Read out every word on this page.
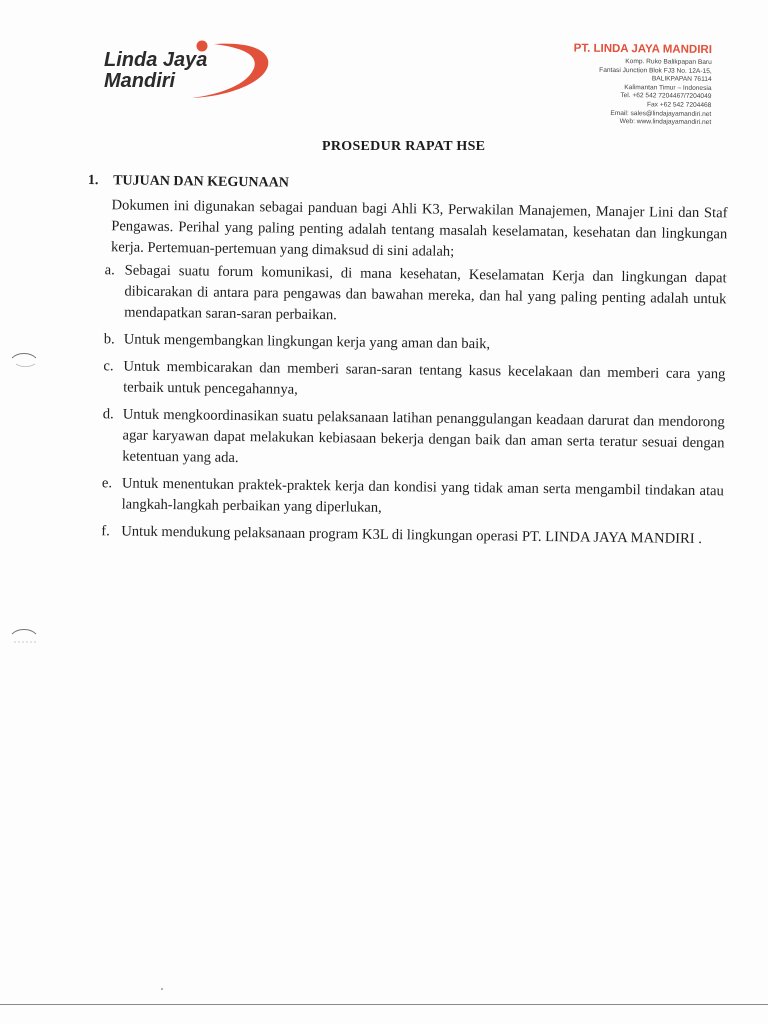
Linda Jaya
Mandiri
PT. LINDA JAYA MANDIRI
Komp. Ruko Balikpapan Baru
Fantasi Junction Blok FJ3 No. 12A-15,
BALIKPAPAN 76114
Kalimantan Timur – Indonesia
Tel. +62 542 7204467/7204049
Fax +62 542 7204468
Email: sales@lindajayamandiri.net
Web: www.lindajayamandiri.net
PROSEDUR RAPAT HSE
1. TUJUAN DAN KEGUNAAN

Dokumen ini digunakan sebagai panduan bagi Ahli K3, Perwakilan Manajemen, Manajer Lini dan Staf Pengawas. Perihal yang paling penting adalah tentang masalah keselamatan, kesehatan dan lingkungan kerja. Pertemuan-pertemuan yang dimaksud di sini adalah;

a. Sebagai suatu forum komunikasi, di mana kesehatan, Keselamatan Kerja dan lingkungan dapat dibicarakan di antara para pengawas dan bawahan mereka, dan hal yang paling penting adalah untuk mendapatkan saran-saran perbaikan.
b. Untuk mengembangkan lingkungan kerja yang aman dan baik,
c. Untuk membicarakan dan memberi saran-saran tentang kasus kecelakaan dan memberi cara yang terbaik untuk pencegahannya,
d. Untuk mengkoordinasikan suatu pelaksanaan latihan penanggulangan keadaan darurat dan mendorong agar karyawan dapat melakukan kebiasaan bekerja dengan baik dan aman serta teratur sesuai dengan ketentuan yang ada.
e. Untuk menentukan praktek-praktek kerja dan kondisi yang tidak aman serta mengambil tindakan atau langkah-langkah perbaikan yang diperlukan,
f. Untuk mendukung pelaksanaan program K3L di lingkungan operasi PT. LINDA JAYA MANDIRI .
